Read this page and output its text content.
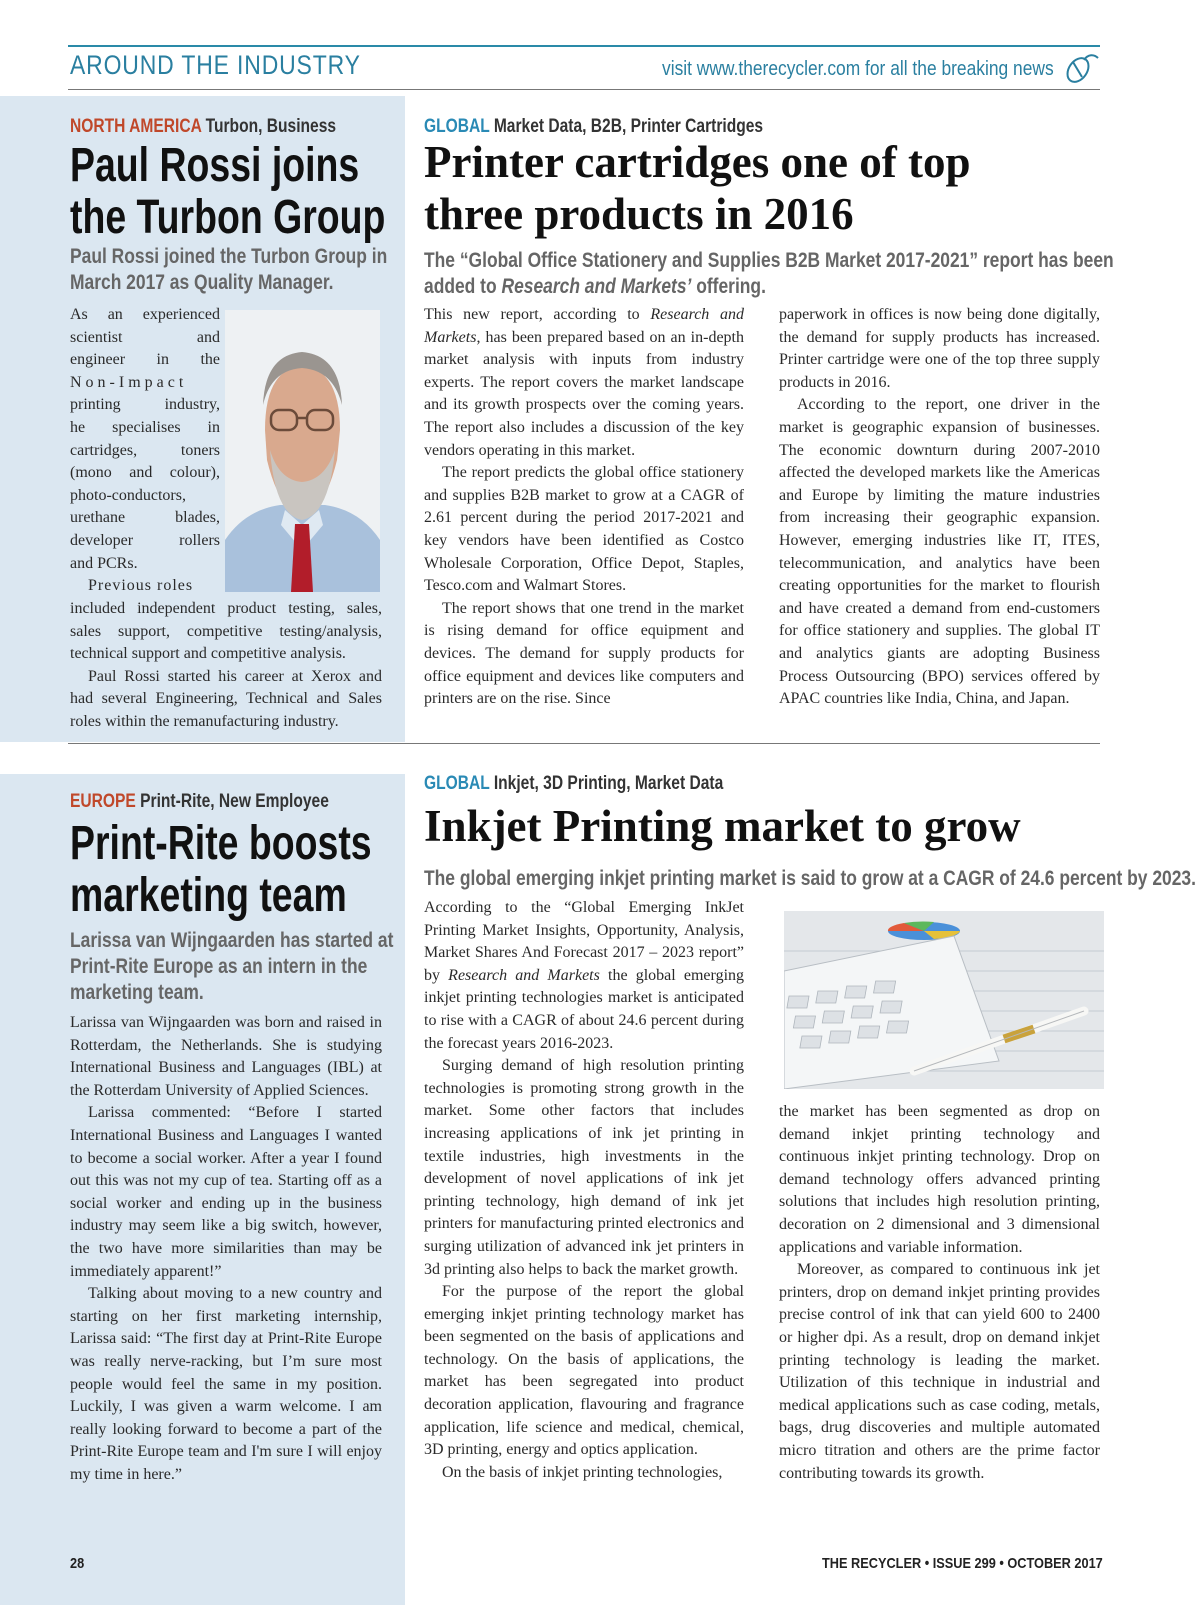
AROUND THE INDUSTRY	visit www.therecycler.com for all the breaking news
NORTH AMERICA Turbon, Business
Paul Rossi joins
the Turbon Group
Paul Rossi joined the Turbon Group in
March 2017 as Quality Manager.
As an experienced
scientist and
engineer in the
Non-Impact
printing industry,
he specialises in
cartridges, toners
(mono and colour),
photo-conductors,
urethane blades,
developer rollers
and PCRs.
Previous roles

included independent product testing, sales, sales support, competitive testing/analysis, technical support and competitive analysis.

Paul Rossi started his career at Xerox and had several Engineering, Technical and Sales roles within the remanufacturing industry.

GLOBAL Market Data, B2B, Printer Cartridges
Printer cartridges one of top
three products in 2016
The “Global Office Stationery and Supplies B2B Market 2017-2021” report has been
added to Research and Markets’ offering.

This new report, according to Research and Markets, has been prepared based on an in-depth market analysis with inputs from industry experts. The report covers the market landscape and its growth prospects over the coming years. The report also includes a discussion of the key vendors operating in this market.

The report predicts the global office stationery and supplies B2B market to grow at a CAGR of 2.61 percent during the period 2017-2021 and key vendors have been identified as Costco Wholesale Corporation, Office Depot, Staples, Tesco.com and Walmart Stores.

The report shows that one trend in the market is rising demand for office equipment and devices. The demand for supply products for office equipment and devices like computers and printers are on the rise. Since

paperwork in offices is now being done digitally, the demand for supply products has increased. Printer cartridge were one of the top three supply products in 2016.

According to the report, one driver in the market is geographic expansion of businesses. The economic downturn during 2007-2010 affected the developed markets like the Americas and Europe by limiting the mature industries from increasing their geographic expansion. However, emerging industries like IT, ITES, telecommunication, and analytics have been creating opportunities for the market to flourish and have created a demand from end-customers for office stationery and supplies. The global IT and analytics giants are adopting Business Process Outsourcing (BPO) services offered by APAC countries like India, China, and Japan.

EUROPE Print-Rite, New Employee
Print-Rite boosts
marketing team
Larissa van Wijngaarden has started at
Print-Rite Europe as an intern in the
marketing team.

Larissa van Wijngaarden was born and raised in Rotterdam, the Netherlands. She is studying International Business and Languages (IBL) at the Rotterdam University of Applied Sciences.

Larissa commented: “Before I started International Business and Languages I wanted to become a social worker. After a year I found out this was not my cup of tea. Starting off as a social worker and ending up in the business industry may seem like a big switch, however, the two have more similarities than may be immediately apparent!”

Talking about moving to a new country and starting on her first marketing internship, Larissa said: “The first day at Print-Rite Europe was really nerve-racking, but I’m sure most people would feel the same in my position. Luckily, I was given a warm welcome. I am really looking forward to become a part of the Print-Rite Europe team and I'm sure I will enjoy my time in here.”

GLOBAL Inkjet, 3D Printing, Market Data
Inkjet Printing market to grow
The global emerging inkjet printing market is said to grow at a CAGR of 24.6 percent by 2023.

According to the “Global Emerging InkJet Printing Market Insights, Opportunity, Analysis, Market Shares And Forecast 2017 – 2023 report” by Research and Markets the global emerging inkjet printing technologies market is anticipated to rise with a CAGR of about 24.6 percent during the forecast years 2016-2023.

Surging demand of high resolution printing technologies is promoting strong growth in the market. Some other factors that includes increasing applications of ink jet printing in textile industries, high investments in the development of novel applications of ink jet printing technology, high demand of ink jet printers for manufacturing printed electronics and surging utilization of advanced ink jet printers in 3d printing also helps to back the market growth.

For the purpose of the report the global emerging inkjet printing technology market has been segmented on the basis of applications and technology. On the basis of applications, the market has been segregated into product decoration application, flavouring and fragrance application, life science and medical, chemical, 3D printing, energy and optics application.

On the basis of inkjet printing technologies,

the market has been segmented as drop on demand inkjet printing technology and continuous inkjet printing technology. Drop on demand technology offers advanced printing solutions that includes high resolution printing, decoration on 2 dimensional and 3 dimensional applications and variable information.

Moreover, as compared to continuous ink jet printers, drop on demand inkjet printing provides precise control of ink that can yield 600 to 2400 or higher dpi. As a result, drop on demand inkjet printing technology is leading the market. Utilization of this technique in industrial and medical applications such as case coding, metals, bags, drug discoveries and multiple automated micro titration and others are the prime factor contributing towards its growth.

28	THE RECYCLER • ISSUE 299 • OCTOBER 2017
